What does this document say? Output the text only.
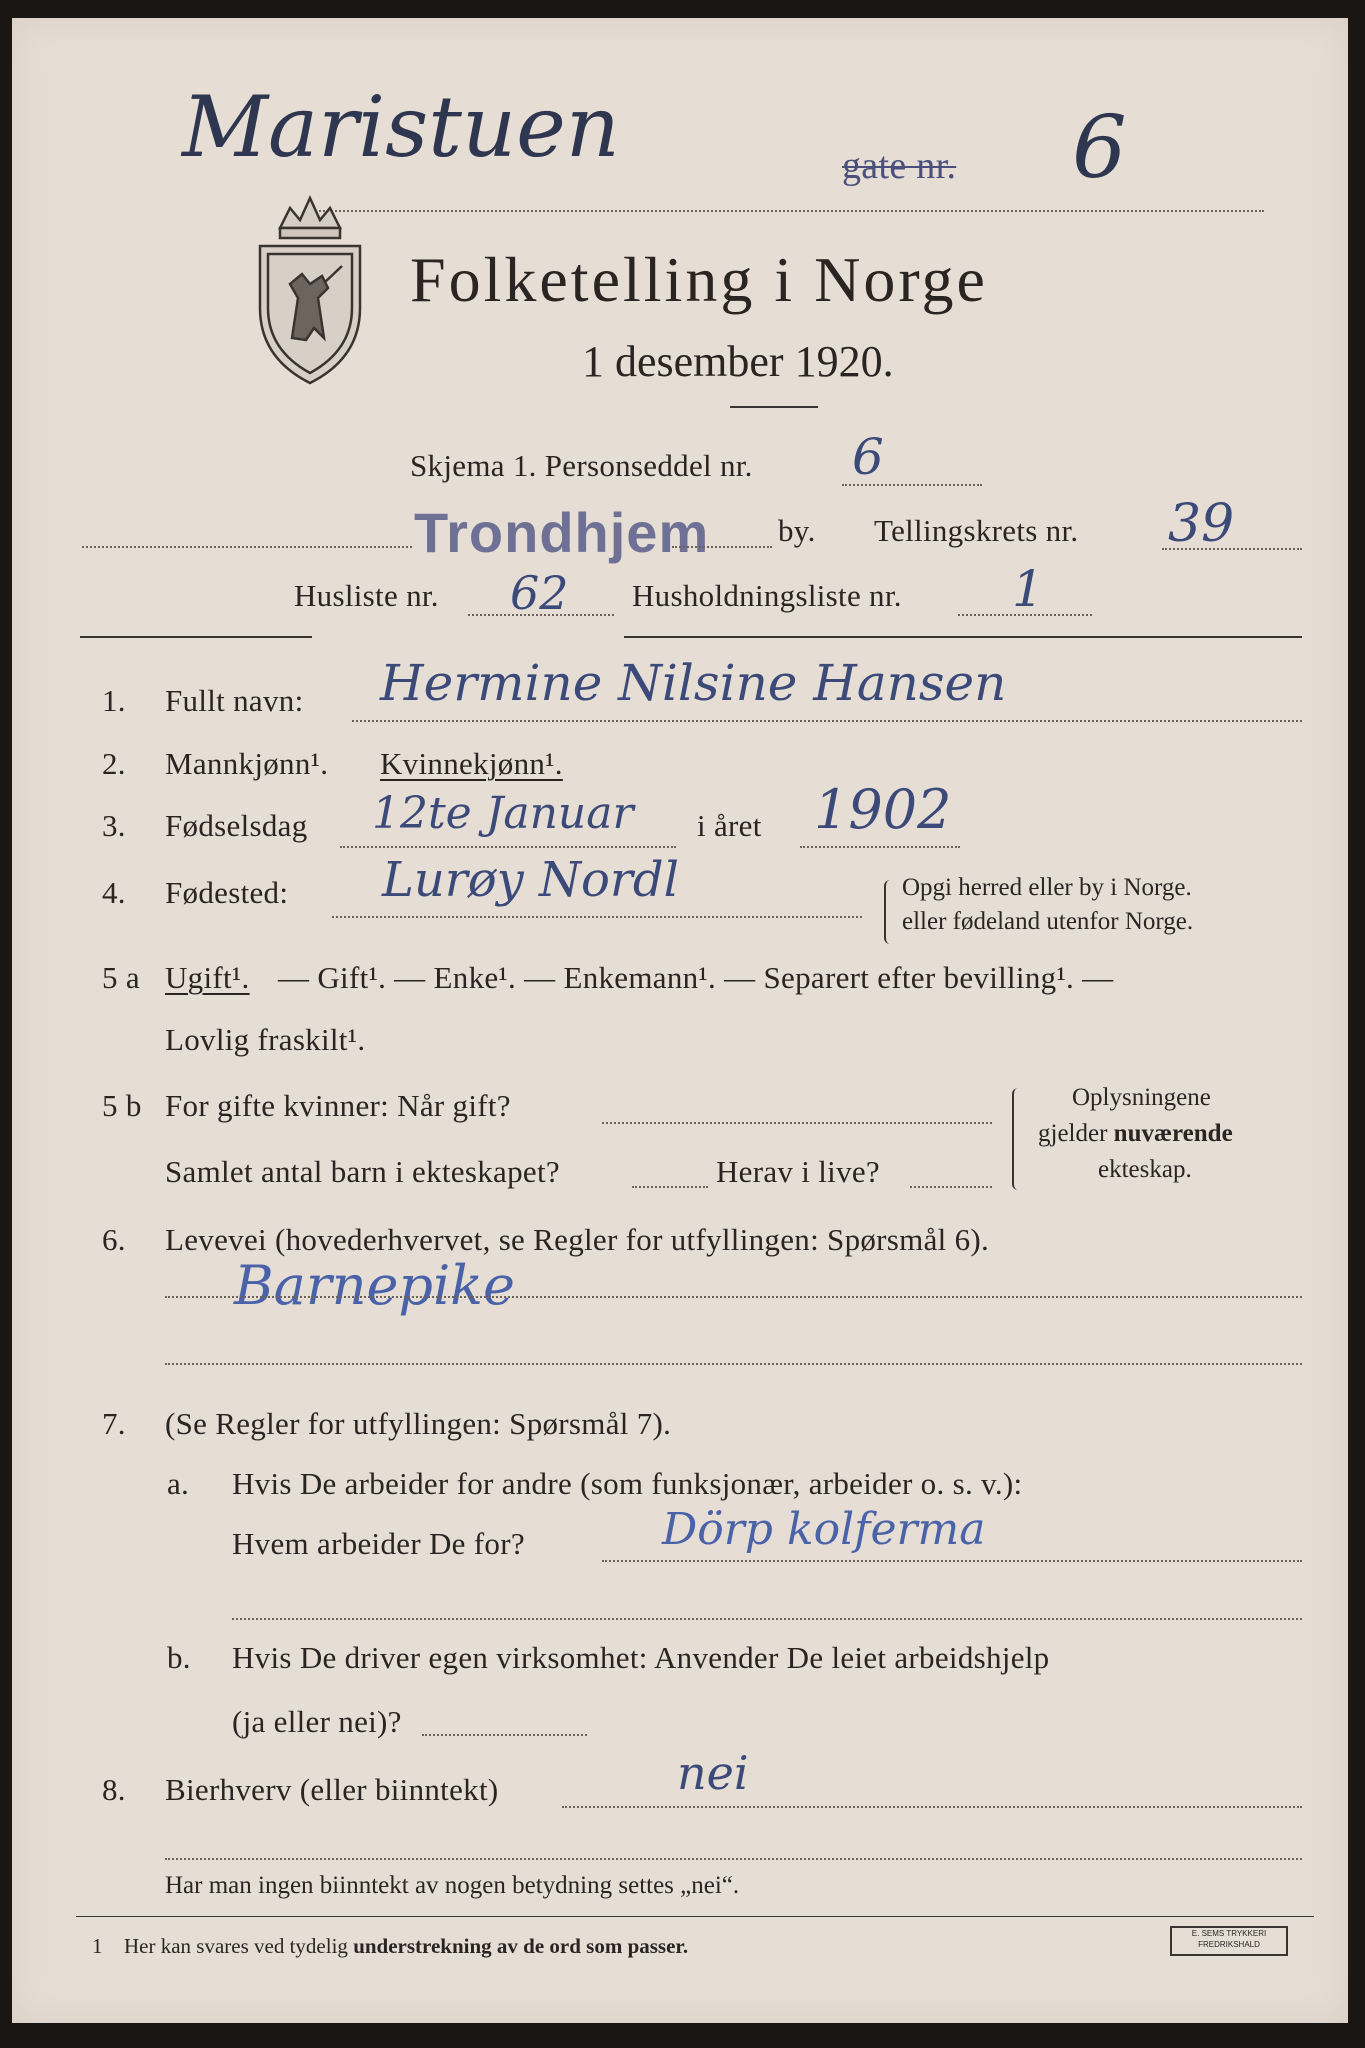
Maristuen	gate nr. 6
Folketelling i Norge
1 desember 1920.
Skjema 1. Personseddel nr. 6
Trondhjem by. Tellingskrets nr. 39
Husliste nr. 62 Husholdningsliste nr. 1
1. Fullt navn: Hermine Nilsine Hansen
2. Mannkjønn¹. Kvinnekjønn¹.
3. Fødselsdag 12te Januar i året 1902
4. Fødested: Lurøy Nordl	Opgi herred eller by i Norge.
eller fødeland utenfor Norge.
5 a Ugift¹. — Gift¹. — Enke¹. — Enkemann¹. — Separert efter bevilling¹. —
Lovlig fraskilt¹.
5 b For gifte kvinner: Når gift?
Samlet antal barn i ekteskapet?	Herav i live?
Oplysningene
gjelder nuværende
ekteskap.
6. Levevei (hovederhvervet, se Regler for utfyllingen: Spørsmål 6).
Barnepike
7. (Se Regler for utfyllingen: Spørsmål 7).
a. Hvis De arbeider for andre (som funksjonær, arbeider o. s. v.):
Hvem arbeider De for?	Dörp kolferma
b. Hvis De driver egen virksomhet: Anvender De leiet arbeidshjelp
(ja eller nei)?
8. Bierhverv (eller biinntekt)	nei
Har man ingen biinntekt av nogen betydning settes „nei“.
1 Her kan svares ved tydelig understrekning av de ord som passer.
E. SEMS TRYKKERI
FREDRIKSHALD
